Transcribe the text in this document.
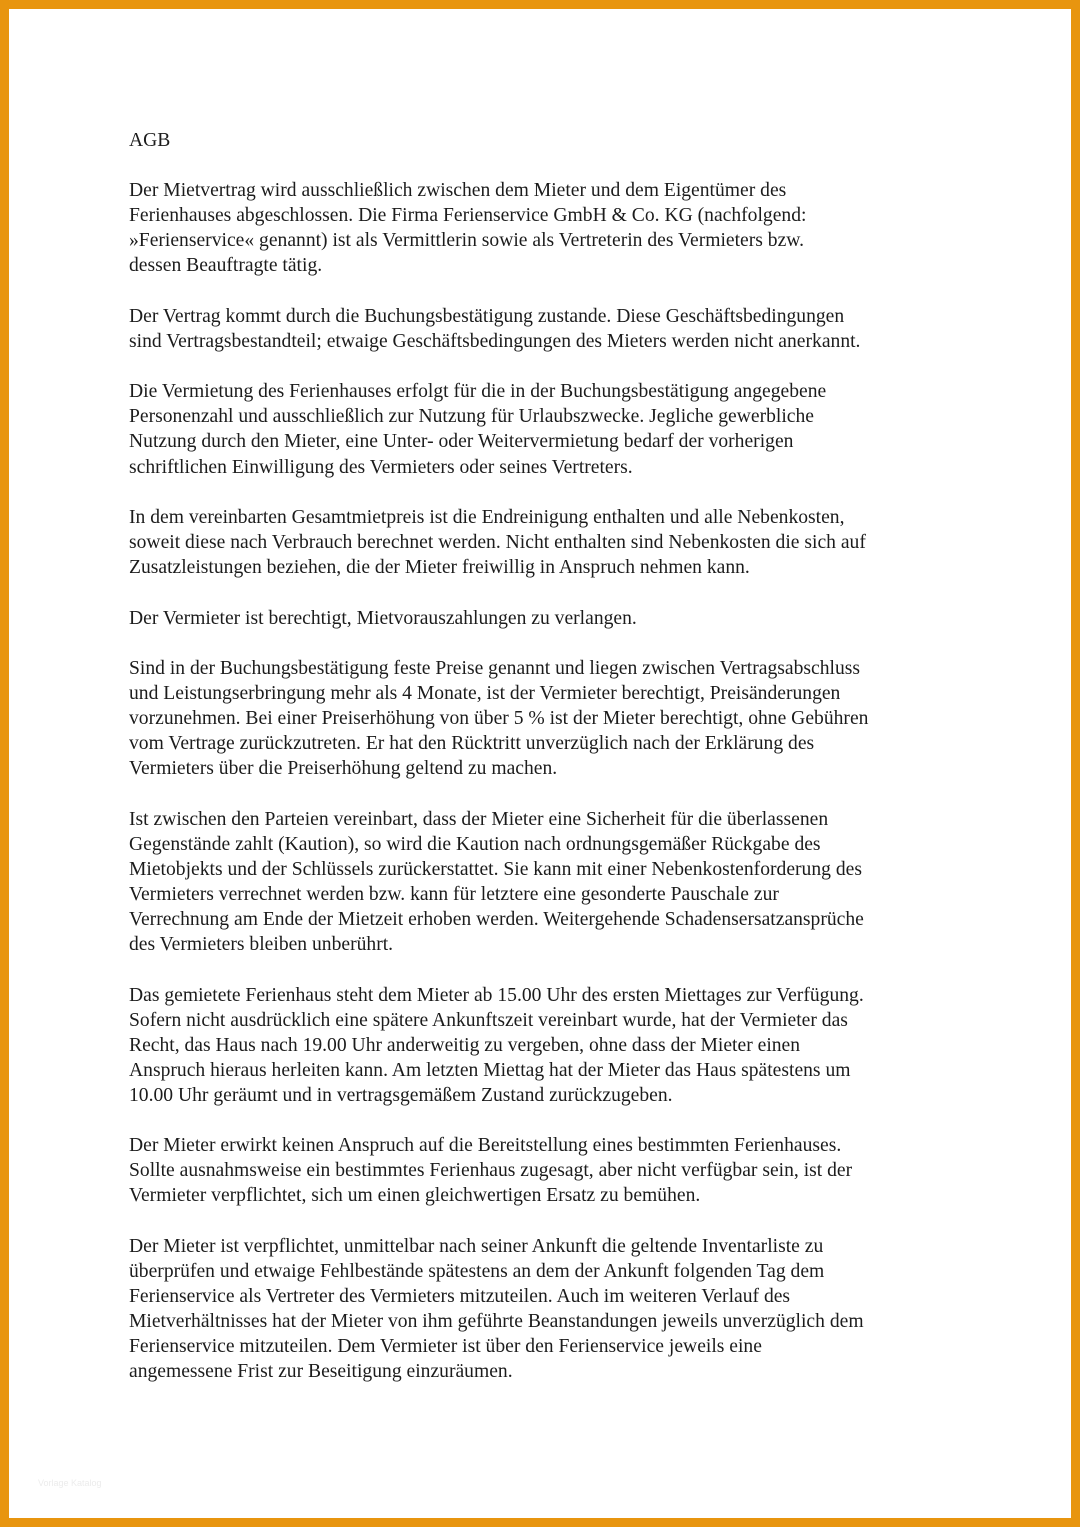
AGB
Der Mietvertrag wird ausschließlich zwischen dem Mieter und dem Eigentümer des
Ferienhauses abgeschlossen. Die Firma Ferienservice GmbH & Co. KG (nachfolgend:
»Ferienservice« genannt) ist als Vermittlerin sowie als Vertreterin des Vermieters bzw.
dessen Beauftragte tätig.
Der Vertrag kommt durch die Buchungsbestätigung zustande. Diese Geschäftsbedingungen
sind Vertragsbestandteil; etwaige Geschäftsbedingungen des Mieters werden nicht anerkannt.
Die Vermietung des Ferienhauses erfolgt für die in der Buchungsbestätigung angegebene
Personenzahl und ausschließlich zur Nutzung für Urlaubszwecke. Jegliche gewerbliche
Nutzung durch den Mieter, eine Unter- oder Weitervermietung bedarf der vorherigen
schriftlichen Einwilligung des Vermieters oder seines Vertreters.
In dem vereinbarten Gesamtmietpreis ist die Endreinigung enthalten und alle Nebenkosten,
soweit diese nach Verbrauch berechnet werden. Nicht enthalten sind Nebenkosten die sich auf
Zusatzleistungen beziehen, die der Mieter freiwillig in Anspruch nehmen kann.
Der Vermieter ist berechtigt, Mietvorauszahlungen zu verlangen.
Sind in der Buchungsbestätigung feste Preise genannt und liegen zwischen Vertragsabschluss
und Leistungserbringung mehr als 4 Monate, ist der Vermieter berechtigt, Preisänderungen
vorzunehmen. Bei einer Preiserhöhung von über 5 % ist der Mieter berechtigt, ohne Gebühren
vom Vertrage zurückzutreten. Er hat den Rücktritt unverzüglich nach der Erklärung des
Vermieters über die Preiserhöhung geltend zu machen.
Ist zwischen den Parteien vereinbart, dass der Mieter eine Sicherheit für die überlassenen
Gegenstände zahlt (Kaution), so wird die Kaution nach ordnungsgemäßer Rückgabe des
Mietobjekts und der Schlüssels zurückerstattet. Sie kann mit einer Nebenkostenforderung des
Vermieters verrechnet werden bzw. kann für letztere eine gesonderte Pauschale zur
Verrechnung am Ende der Mietzeit erhoben werden. Weitergehende Schadensersatzansprüche
des Vermieters bleiben unberührt.
Das gemietete Ferienhaus steht dem Mieter ab 15.00 Uhr des ersten Miettages zur Verfügung.
Sofern nicht ausdrücklich eine spätere Ankunftszeit vereinbart wurde, hat der Vermieter das
Recht, das Haus nach 19.00 Uhr anderweitig zu vergeben, ohne dass der Mieter einen
Anspruch hieraus herleiten kann. Am letzten Miettag hat der Mieter das Haus spätestens um
10.00 Uhr geräumt und in vertragsgemäßem Zustand zurückzugeben.
Der Mieter erwirkt keinen Anspruch auf die Bereitstellung eines bestimmten Ferienhauses.
Sollte ausnahmsweise ein bestimmtes Ferienhaus zugesagt, aber nicht verfügbar sein, ist der
Vermieter verpflichtet, sich um einen gleichwertigen Ersatz zu bemühen.
Der Mieter ist verpflichtet, unmittelbar nach seiner Ankunft die geltende Inventarliste zu
überprüfen und etwaige Fehlbestände spätestens an dem der Ankunft folgenden Tag dem
Ferienservice als Vertreter des Vermieters mitzuteilen. Auch im weiteren Verlauf des
Mietverhältnisses hat der Mieter von ihm geführte Beanstandungen jeweils unverzüglich dem
Ferienservice mitzuteilen. Dem Vermieter ist über den Ferienservice jeweils eine
angemessene Frist zur Beseitigung einzuräumen.
Vorlage Katalog
